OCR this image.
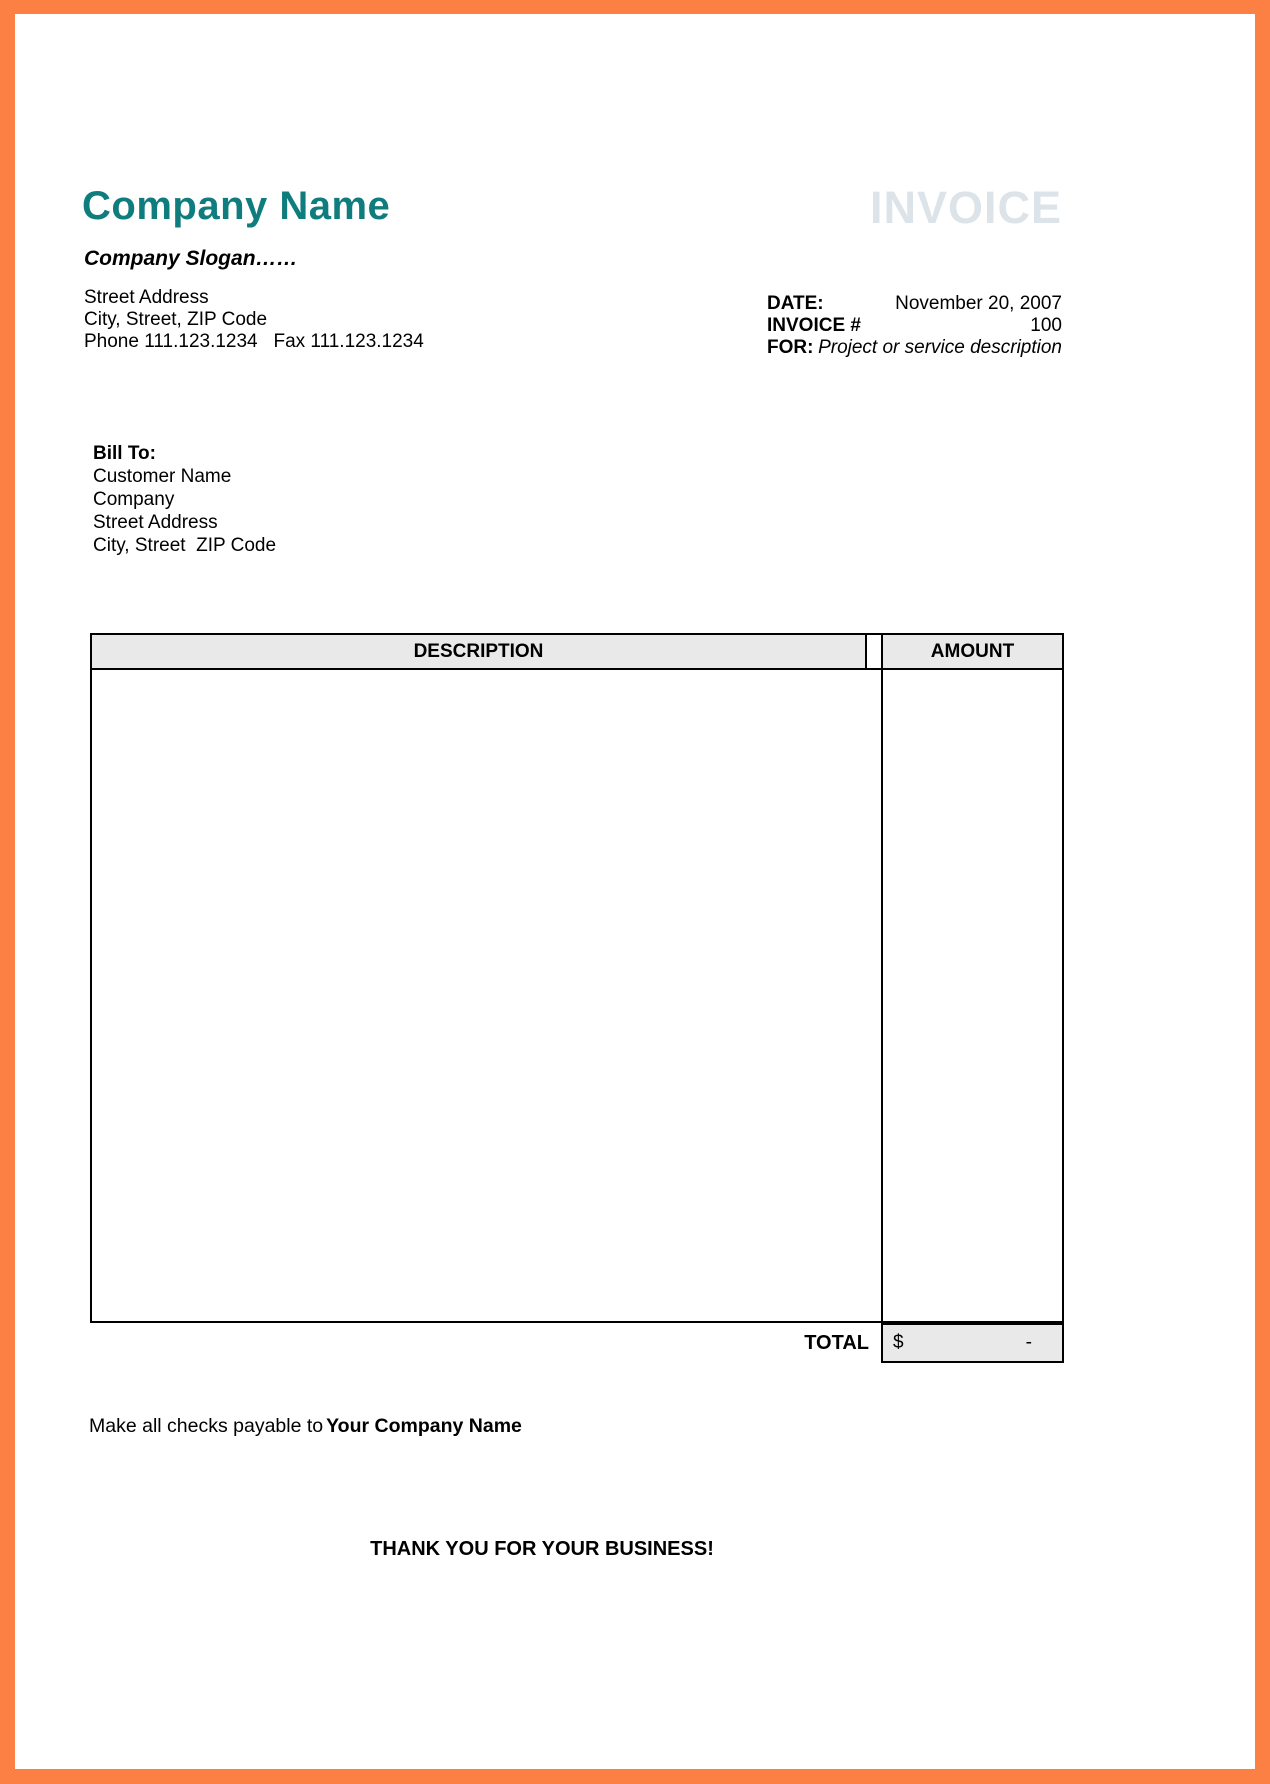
Company Name
Company Slogan……
Street Address
City, Street, ZIP Code
Phone 111.123.1234   Fax 111.123.1234
INVOICE
DATE:	November 20, 2007
INVOICE #	100
FOR: Project or service description
Bill To:
Customer Name
Company
Street Address
City, Street  ZIP Code
DESCRIPTION	AMOUNT
TOTAL	$	-
Make all checks payable to Your Company Name
THANK YOU FOR YOUR BUSINESS!
